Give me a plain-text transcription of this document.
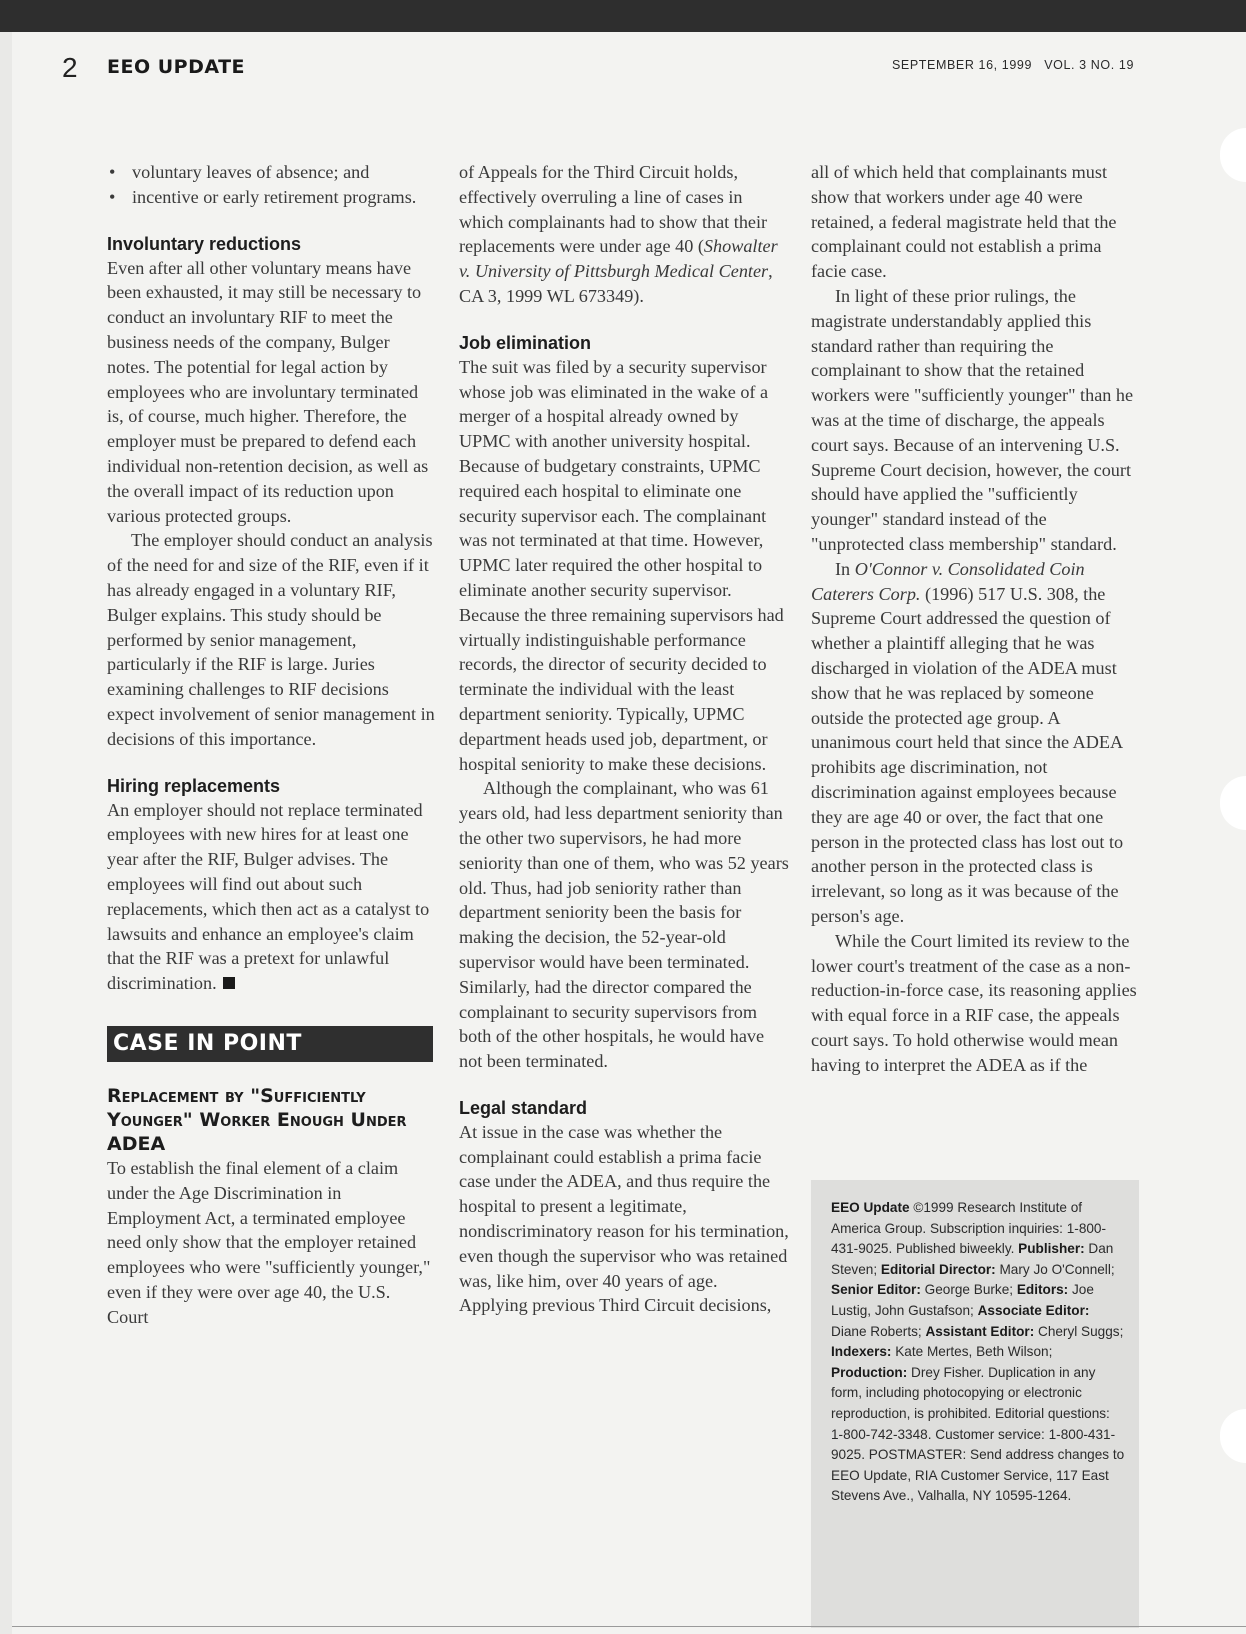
2 EEO UPDATE	SEPTEMBER 16, 1999   VOL. 3 NO. 19
• voluntary leaves of absence; and
• incentive or early retirement programs.
Involuntary reductions

Even after all other voluntary means have been exhausted, it may still be necessary to conduct an involuntary RIF to meet the business needs of the company, Bulger notes. The potential for legal action by employees who are involuntary terminated is, of course, much higher. Therefore, the employer must be prepared to defend each individual non-retention decision, as well as the overall impact of its reduction upon various protected groups.

The employer should conduct an analysis of the need for and size of the RIF, even if it has already engaged in a voluntary RIF, Bulger explains. This study should be performed by senior management, particularly if the RIF is large. Juries examining challenges to RIF decisions expect involvement of senior management in decisions of this importance.

Hiring replacements

An employer should not replace terminated employees with new hires for at least one year after the RIF, Bulger advises. The employees will find out about such replacements, which then act as a catalyst to lawsuits and enhance an employee's claim that the RIF was a pretext for unlawful discrimination.

CASE IN POINT
Replacement by "Sufficiently Younger" Worker Enough Under ADEA

To establish the final element of a claim under the Age Discrimination in Employment Act, a terminated employee need only show that the employer retained employees who were "sufficiently younger," even if they were over age 40, the U.S. Court

of Appeals for the Third Circuit holds, effectively overruling a line of cases in which complainants had to show that their replacements were under age 40 (Showalter v. University of Pittsburgh Medical Center, CA 3, 1999 WL 673349).

Job elimination

The suit was filed by a security supervisor whose job was eliminated in the wake of a merger of a hospital already owned by UPMC with another university hospital. Because of budgetary constraints, UPMC required each hospital to eliminate one security supervisor each. The complainant was not terminated at that time. However, UPMC later required the other hospital to eliminate another security supervisor. Because the three remaining supervisors had virtually indistinguishable performance records, the director of security decided to terminate the individual with the least department seniority. Typically, UPMC department heads used job, department, or hospital seniority to make these decisions.

Although the complainant, who was 61 years old, had less department seniority than the other two supervisors, he had more seniority than one of them, who was 52 years old. Thus, had job seniority rather than department seniority been the basis for making the decision, the 52-year-old supervisor would have been terminated. Similarly, had the director compared the complainant to security supervisors from both of the other hospitals, he would have not been terminated.

Legal standard

At issue in the case was whether the complainant could establish a prima facie case under the ADEA, and thus require the hospital to present a legitimate, nondiscriminatory reason for his termination, even though the supervisor who was retained was, like him, over 40 years of age. Applying previous Third Circuit decisions,

all of which held that complainants must show that workers under age 40 were retained, a federal magistrate held that the complainant could not establish a prima facie case.

In light of these prior rulings, the magistrate understandably applied this standard rather than requiring the complainant to show that the retained workers were "sufficiently younger" than he was at the time of discharge, the appeals court says. Because of an intervening U.S. Supreme Court decision, however, the court should have applied the "sufficiently younger" standard instead of the "unprotected class membership" standard.

In O'Connor v. Consolidated Coin Caterers Corp. (1996) 517 U.S. 308, the Supreme Court addressed the question of whether a plaintiff alleging that he was discharged in violation of the ADEA must show that he was replaced by someone outside the protected age group. A unanimous court held that since the ADEA prohibits age discrimination, not discrimination against employees because they are age 40 or over, the fact that one person in the protected class has lost out to another person in the protected class is irrelevant, so long as it was because of the person's age.

While the Court limited its review to the lower court's treatment of the case as a non-reduction-in-force case, its reasoning applies with equal force in a RIF case, the appeals court says. To hold otherwise would mean having to interpret the ADEA as if the

EEO Update ©1999 Research Institute of America Group. Subscription inquiries: 1-800-431-9025. Published biweekly. Publisher: Dan Steven; Editorial Director: Mary Jo O'Connell; Senior Editor: George Burke; Editors: Joe Lustig, John Gustafson; Associate Editor: Diane Roberts; Assistant Editor: Cheryl Suggs; Indexers: Kate Mertes, Beth Wilson; Production: Drey Fisher. Duplication in any form, including photocopying or electronic reproduction, is prohibited. Editorial questions: 1-800-742-3348. Customer service: 1-800-431-9025. POSTMASTER: Send address changes to EEO Update, RIA Customer Service, 117 East Stevens Ave., Valhalla, NY 10595-1264.
